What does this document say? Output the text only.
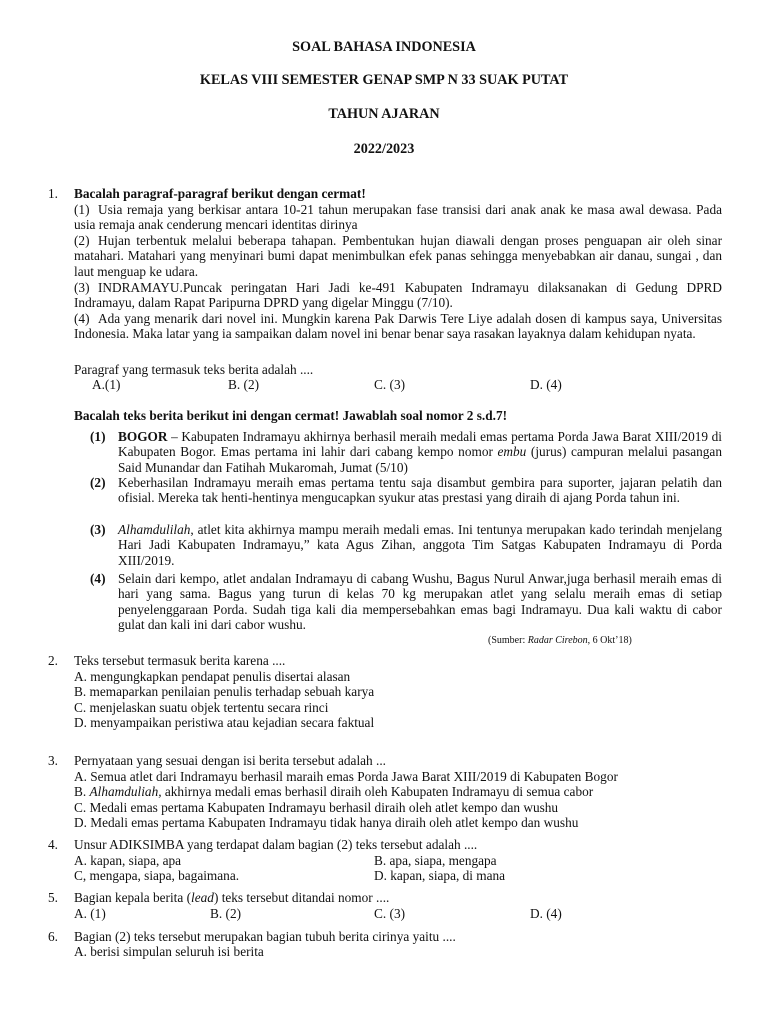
SOAL BAHASA INDONESIA
KELAS VIII SEMESTER GENAP SMP N 33 SUAK PUTAT
TAHUN AJARAN
2022/2023
1. Bacalah paragraf-paragraf berikut dengan cermat!
(1) Usia remaja yang berkisar antara 10-21 tahun merupakan fase transisi dari anak anak ke masa awal dewasa. Pada usia remaja anak cenderung mencari identitas dirinya
(2) Hujan terbentuk melalui beberapa tahapan. Pembentukan hujan diawali dengan proses penguapan air oleh sinar matahari. Matahari yang menyinari bumi dapat menimbulkan efek panas sehingga menyebabkan air danau, sungai , dan laut menguap ke udara.
(3) INDRAMAYU.Puncak peringatan Hari Jadi ke-491 Kabupaten Indramayu dilaksanakan di Gedung DPRD Indramayu, dalam Rapat Paripurna DPRD yang digelar Minggu (7/10).
(4) Ada yang menarik dari novel ini. Mungkin karena Pak Darwis Tere Liye adalah dosen di kampus saya, Universitas Indonesia. Maka latar yang ia sampaikan dalam novel ini benar benar saya rasakan layaknya dalam kehidupan nyata.
Paragraf yang termasuk teks berita adalah ....
A.(1)	B. (2)	C. (3)	D. (4)
Bacalah teks berita berikut ini dengan cermat! Jawablah soal nomor 2 s.d.7!
(1) BOGOR – Kabupaten Indramayu akhirnya berhasil meraih medali emas pertama Porda Jawa Barat XIII/2019 di Kabupaten Bogor. Emas pertama ini lahir dari cabang kempo nomor embu (jurus) campuran melalui pasangan Said Munandar dan Fatihah Mukaromah, Jumat (5/10)
(2) Keberhasilan Indramayu meraih emas pertama tentu saja disambut gembira para suporter, jajaran pelatih dan ofisial. Mereka tak henti-hentinya mengucapkan syukur atas prestasi yang diraih di ajang Porda tahun ini.
(3) Alhamdulilah, atlet kita akhirnya mampu meraih medali emas. Ini tentunya merupakan kado terindah menjelang Hari Jadi Kabupaten Indramayu,” kata Agus Zihan, anggota Tim Satgas Kabupaten Indramayu di Porda XIII/2019.
(4) Selain dari kempo, atlet andalan Indramayu di cabang Wushu, Bagus Nurul Anwar,juga berhasil meraih emas di hari yang sama. Bagus yang turun di kelas 70 kg merupakan atlet yang selalu meraih emas di setiap penyelenggaraan Porda. Sudah tiga kali dia mempersebahkan emas bagi Indramayu. Dua kali waktu di cabor gulat dan kali ini dari cabor wushu.
(Sumber: Radar Cirebon, 6 Okt’18)
2. Teks tersebut termasuk berita karena ....
A. mengungkapkan pendapat penulis disertai alasan
B. memaparkan penilaian penulis terhadap sebuah karya
C. menjelaskan suatu objek tertentu secara rinci
D. menyampaikan peristiwa atau kejadian secara faktual
3. Pernyataan yang sesuai dengan isi berita tersebut adalah ...
A. Semua atlet dari Indramayu berhasil maraih emas Porda Jawa Barat XIII/2019 di Kabupaten Bogor
B. Alhamduliah, akhirnya medali emas berhasil diraih oleh Kabupaten Indramayu di semua cabor
C. Medali emas pertama Kabupaten Indramayu berhasil diraih oleh atlet kempo dan wushu
D. Medali emas pertama Kabupaten Indramayu tidak hanya diraih oleh atlet kempo dan wushu
4. Unsur ADIKSIMBA yang terdapat dalam bagian (2) teks tersebut adalah ....
A. kapan, siapa, apa	B. apa, siapa, mengapa
C, mengapa, siapa, bagaimana.	D. kapan, siapa, di mana
5. Bagian kepala berita (lead) teks tersebut ditandai nomor ....
A. (1)	B. (2)	C. (3)	D. (4)
6. Bagian (2) teks tersebut merupakan bagian tubuh berita cirinya yaitu ....
A. berisi simpulan seluruh isi berita
